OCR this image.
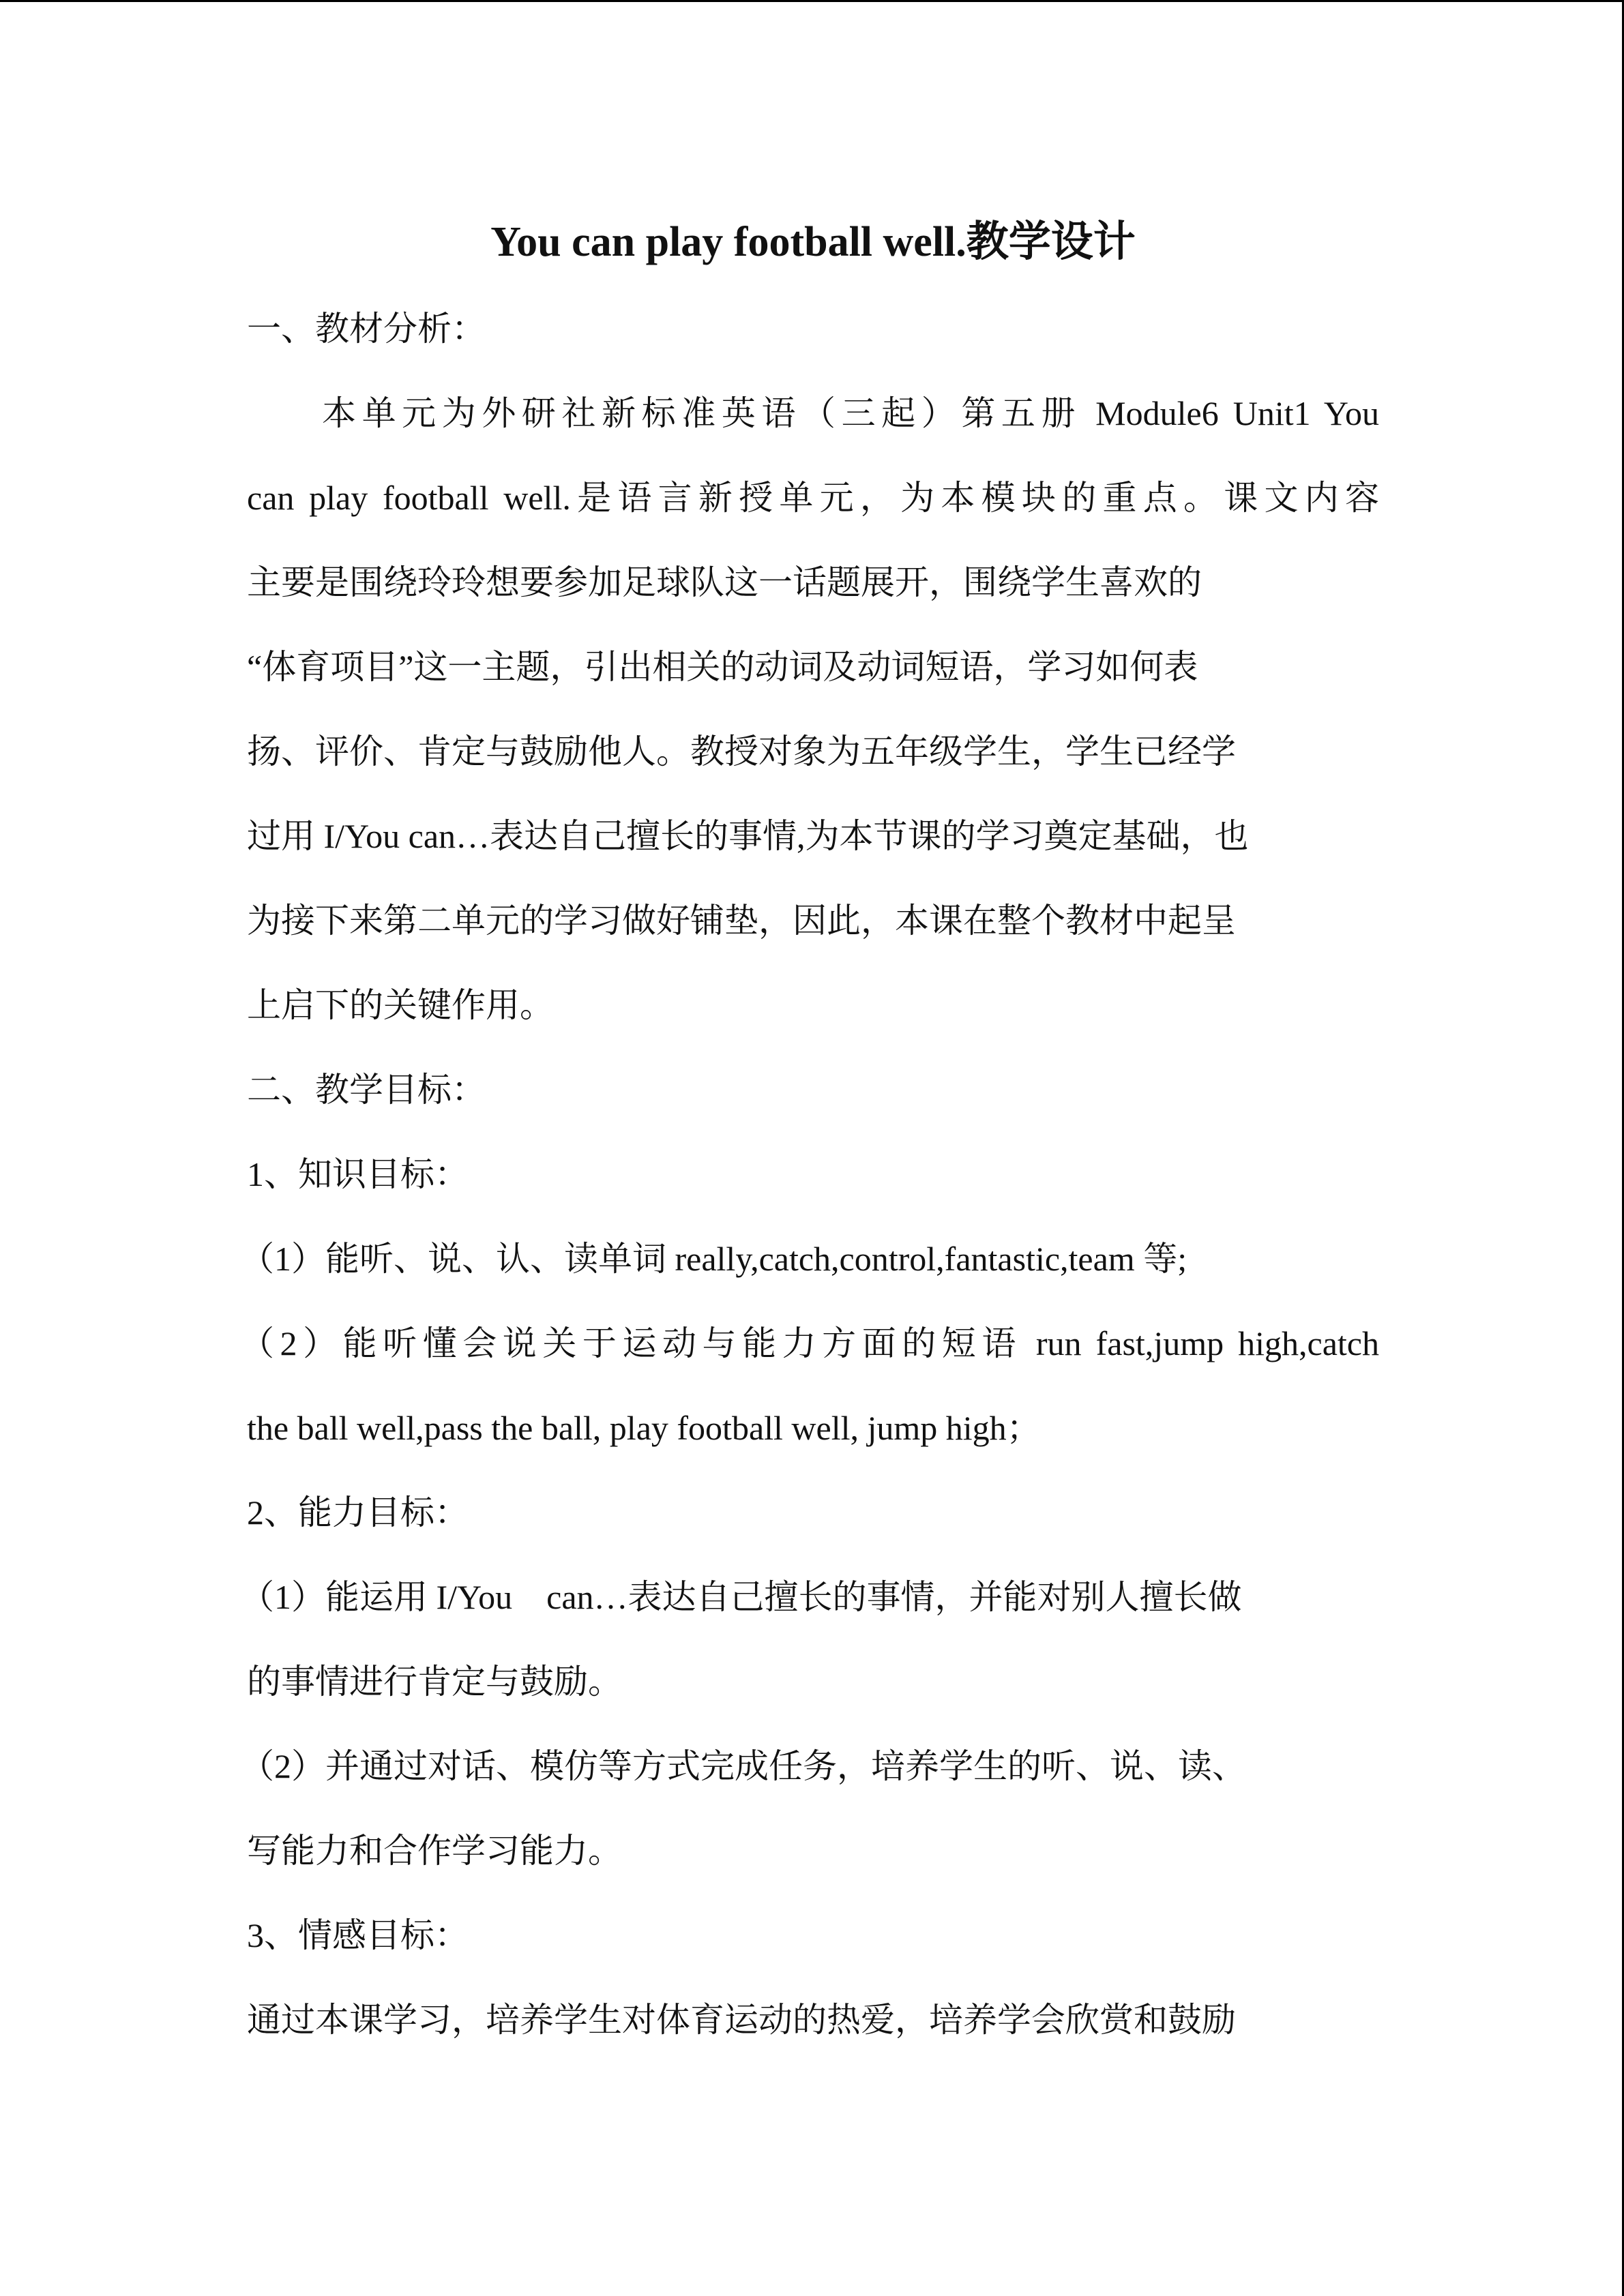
You can play football well.教学设计
一、教材分析：
本单元为外研社新标准英语（三起）第五册 Module6 Unit1 You
can play football well.是语言新授单元，为本模块的重点。课文内容
主要是围绕玲玲想要参加足球队这一话题展开，围绕学生喜欢的
“体育项目”这一主题，引出相关的动词及动词短语，学习如何表
扬、评价、肯定与鼓励他人。教授对象为五年级学生，学生已经学
过用 I/You can…表达自己擅长的事情,为本节课的学习奠定基础，也
为接下来第二单元的学习做好铺垫，因此，本课在整个教材中起呈
上启下的关键作用。
二、教学目标：
1、知识目标：
（1）能听、说、认、读单词 really,catch,control,fantastic,team 等;
（2）能听懂会说关于运动与能力方面的短语 run fast,jump high,catch
the ball well,pass the ball, play football well, jump high；
2、能力目标：
（1）能运用 I/You　can…表达自己擅长的事情，并能对别人擅长做
的事情进行肯定与鼓励。
（2）并通过对话、模仿等方式完成任务，培养学生的听、说、读、
写能力和合作学习能力。
3、情感目标：
通过本课学习，培养学生对体育运动的热爱，培养学会欣赏和鼓励
